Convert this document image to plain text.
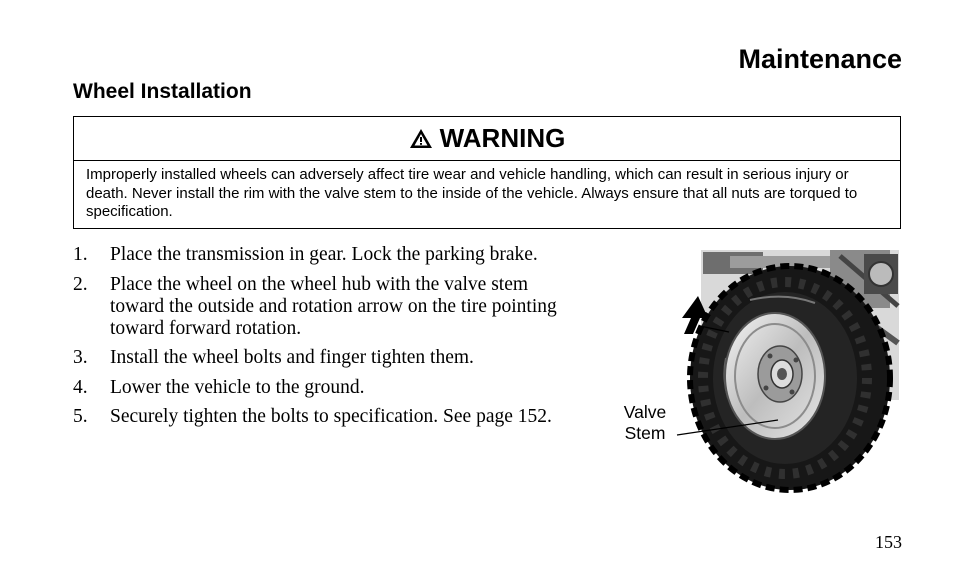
Maintenance
Wheel Installation
WARNING
Improperly installed wheels can adversely affect tire wear and vehicle handling, which can result in serious injury or death. Never install the rim with the valve stem to the inside of the vehicle. Always ensure that all nuts are torqued to specification.
1. Place the transmission in gear. Lock the parking brake.
2. Place the wheel on the wheel hub with the valve stem toward the outside and rotation arrow on the tire pointing toward forward rotation.
3. Install the wheel bolts and finger tighten them.
4. Lower the vehicle to the ground.
5. Securely tighten the bolts to specification. See page 152.	Valve
Stem
153
